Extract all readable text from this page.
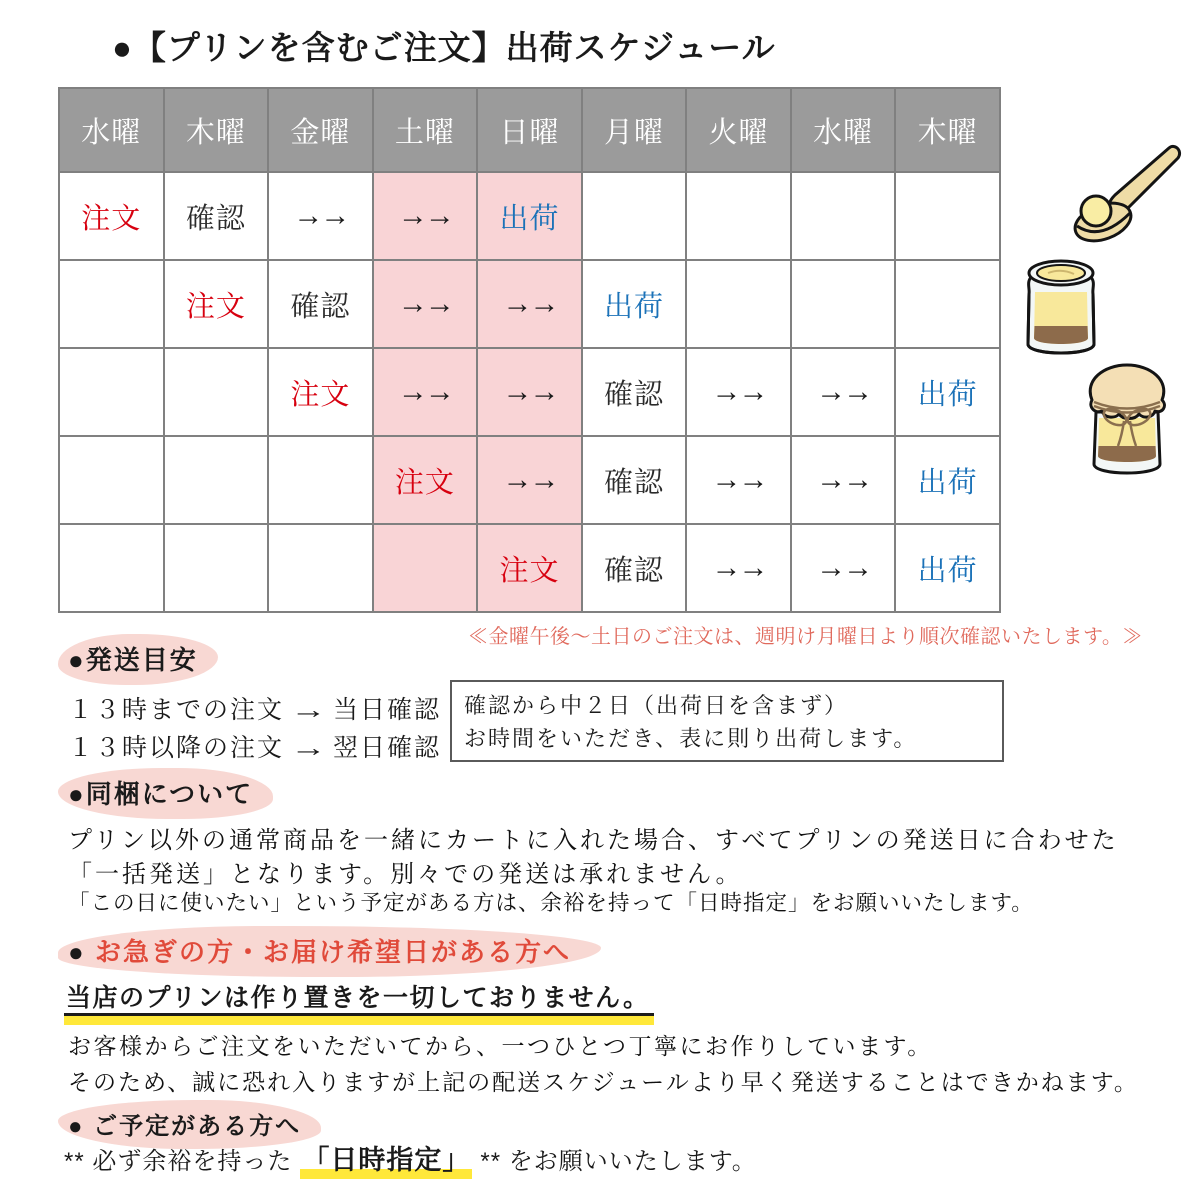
●【プリンを含むご注文】出荷スケジュール
水曜	木曜	金曜	土曜	日曜	月曜	火曜	水曜	木曜
注文	確認	→→	→→	出荷				
	注文	確認	→→	→→	出荷			
		注文	→→	→→	確認	→→	→→	出荷
			注文	→→	確認	→→	→→	出荷
				注文	確認	→→	→→	出荷
≪金曜午後〜土日のご注文は、週明け月曜日より順次確認いたします。≫
●発送目安
１３時までの注文 → 当日確認
１３時以降の注文 → 翌日確認
確認から中２日（出荷日を含まず）
お時間をいただき、表に則り出荷します。
●同梱について
プリン以外の通常商品を一緒にカートに入れた場合、すべてプリンの発送日に合わせた
「一括発送」となります。別々での発送は承れません。
「この日に使いたい」という予定がある方は、余裕を持って「日時指定」をお願いいたします。
● お急ぎの方・お届け希望日がある方へ
当店のプリンは作り置きを一切しておりません。
お客様からご注文をいただいてから、一つひとつ丁寧にお作りしています。
そのため、誠に恐れ入りますが上記の配送スケジュールより早く発送することはできかねます。
● ご予定がある方へ
** 必ず余裕を持った 「日時指定」 ** をお願いいたします。
